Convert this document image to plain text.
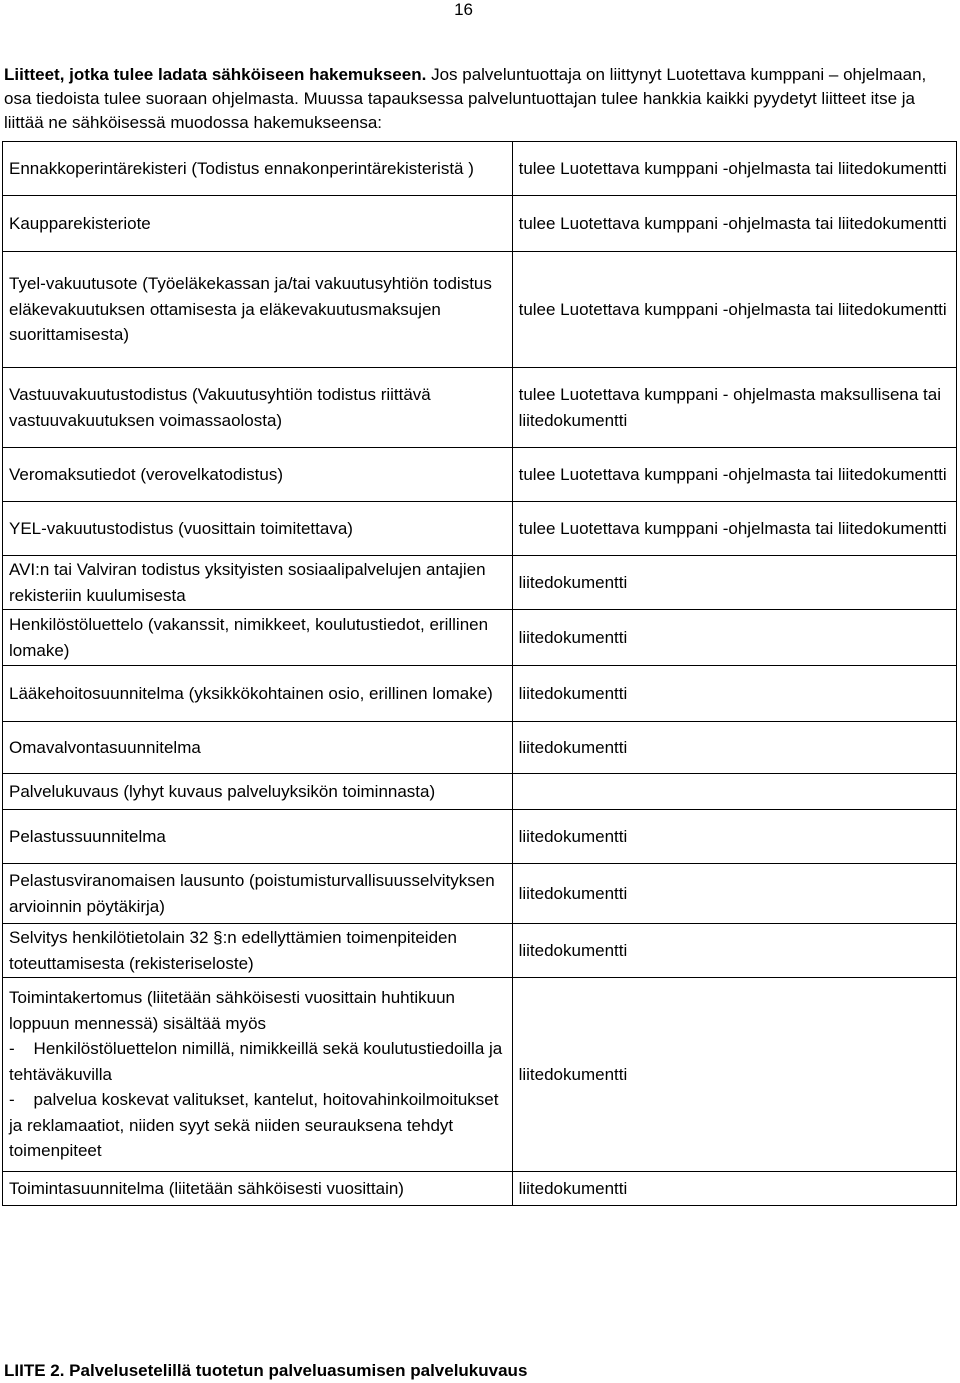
16
Liitteet, jotka tulee ladata sähköiseen hakemukseen. Jos palveluntuottaja on liittynyt Luotettava kumppani – ohjelmaan, osa tiedoista tulee suoraan ohjelmasta. Muussa tapauksessa palveluntuottajan tulee hankkia kaikki pyydetyt liitteet itse ja liittää ne sähköisessä muodossa hakemukseensa:
Ennakkoperintärekisteri (Todistus ennakonperintärekisteristä )	tulee Luotettava kumppani -ohjelmasta tai liitedokumentti

Kaupparekisteriote	tulee Luotettava kumppani -ohjelmasta tai liitedokumentti

Tyel-vakuutusote (Työeläkekassan ja/tai vakuutusyhtiön todistus eläkevakuutuksen ottamisesta ja eläkevakuutusmaksujen suorittamisesta)	tulee Luotettava kumppani -ohjelmasta tai liitedokumentti

Vastuuvakuutustodistus (Vakuutusyhtiön todistus riittävä vastuuvakuutuksen voimassaolosta)	tulee Luotettava kumppani - ohjelmasta maksullisena tai liitedokumentti

Veromaksutiedot (verovelkatodistus)	tulee Luotettava kumppani -ohjelmasta tai liitedokumentti

YEL-vakuutustodistus (vuosittain toimitettava)	tulee Luotettava kumppani -ohjelmasta tai liitedokumentti

AVI:n tai Valviran todistus yksityisten sosiaalipalvelujen antajien rekisteriin kuulumisesta	liitedokumentti

Henkilöstöluettelo (vakanssit, nimikkeet, koulutustiedot, erillinen lomake)	liitedokumentti

Lääkehoitosuunnitelma (yksikkökohtainen osio, erillinen lomake)	liitedokumentti

Omavalvontasuunnitelma	liitedokumentti

Palvelukuvaus (lyhyt kuvaus palveluyksikön toiminnasta)	

Pelastussuunnitelma	liitedokumentti

Pelastusviranomaisen lausunto (poistumisturvallisuusselvityksen arvioinnin pöytäkirja)	liitedokumentti

Selvitys henkilötietolain 32 §:n edellyttämien toimenpiteiden toteuttamisesta (rekisteriseloste)	liitedokumentti

Toimintakertomus (liitetään sähköisesti vuosittain huhtikuun loppuun mennessä) sisältää myös
-    Henkilöstöluettelon nimillä, nimikkeillä sekä koulutustiedoilla ja tehtäväkuvilla
-    palvelua koskevat valitukset, kantelut, hoitovahinkoilmoitukset ja reklamaatiot, niiden syyt sekä niiden seurauksena tehdyt toimenpiteet	liitedokumentti

Toimintasuunnitelma (liitetään sähköisesti vuosittain)	liitedokumentti
LIITE 2. Palvelusetelillä tuotetun palveluasumisen palvelukuvaus
